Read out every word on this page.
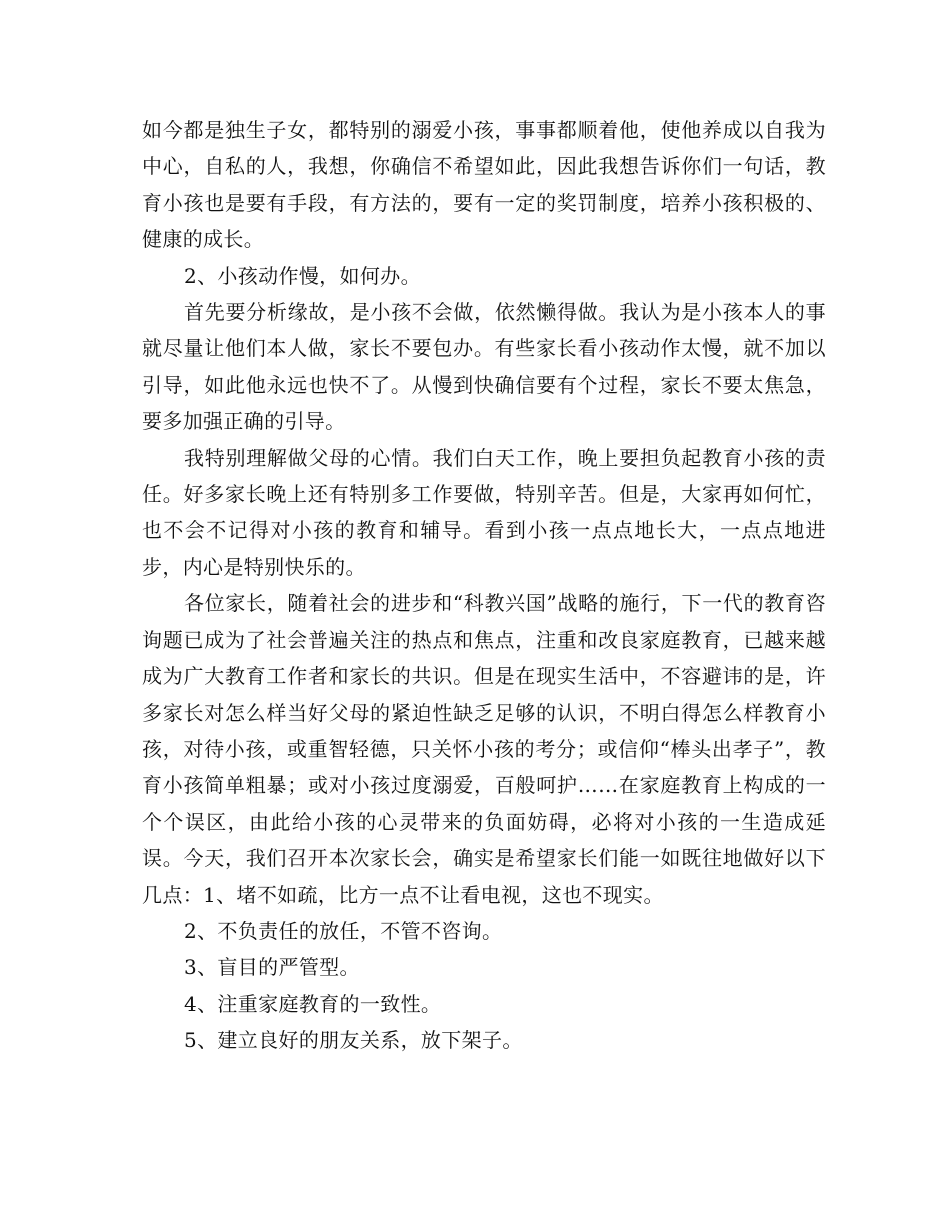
如今都是独生子女，都特别的溺爱小孩，事事都顺着他，使他养成以自我为中心，自私的人，我想，你确信不希望如此，因此我想告诉你们一句话，教育小孩也是要有手段，有方法的，要有一定的奖罚制度，培养小孩积极的、健康的成长。

2、小孩动作慢，如何办。

首先要分析缘故，是小孩不会做，依然懒得做。我认为是小孩本人的事就尽量让他们本人做，家长不要包办。有些家长看小孩动作太慢，就不加以引导，如此他永远也快不了。从慢到快确信要有个过程，家长不要太焦急，要多加强正确的引导。

我特别理解做父母的心情。我们白天工作，晚上要担负起教育小孩的责任。好多家长晚上还有特别多工作要做，特别辛苦。但是，大家再如何忙，也不会不记得对小孩的教育和辅导。看到小孩一点点地长大，一点点地进步，内心是特别快乐的。

各位家长，随着社会的进步和“科教兴国”战略的施行，下一代的教育咨询题已成为了社会普遍关注的热点和焦点，注重和改良家庭教育，已越来越成为广大教育工作者和家长的共识。但是在现实生活中，不容避讳的是，许多家长对怎么样当好父母的紧迫性缺乏足够的认识，不明白得怎么样教育小孩，对待小孩，或重智轻德，只关怀小孩的考分；或信仰“棒头出孝子”，教育小孩简单粗暴；或对小孩过度溺爱，百般呵护……在家庭教育上构成的一个个误区，由此给小孩的心灵带来的负面妨碍，必将对小孩的一生造成延误。今天，我们召开本次家长会，确实是希望家长们能一如既往地做好以下几点：1、堵不如疏，比方一点不让看电视，这也不现实。

2、不负责任的放任，不管不咨询。

3、盲目的严管型。

4、注重家庭教育的一致性。

5、建立良好的朋友关系，放下架子。
